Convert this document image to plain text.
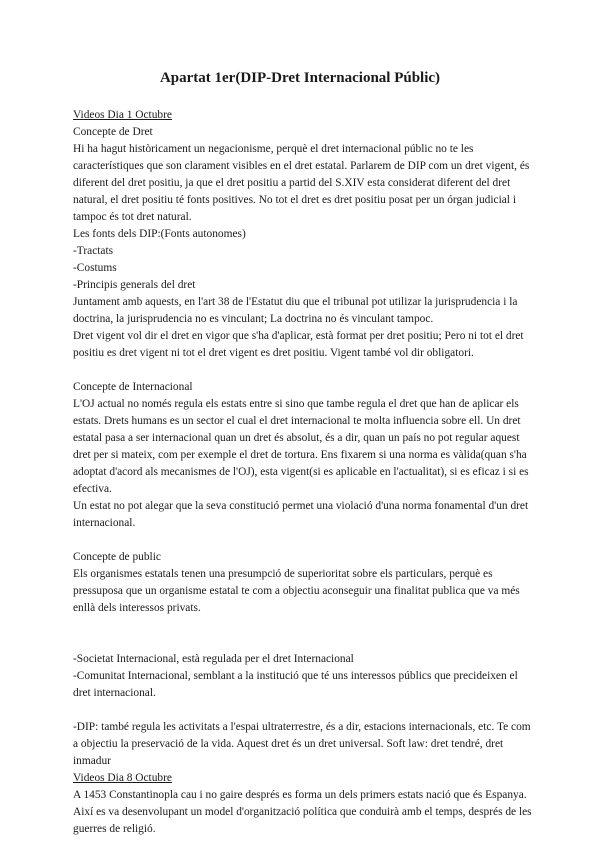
Apartat 1er(DIP-Dret Internacional Públic)

Videos Dia 1 Octubre

Concepte de Dret

Hi ha hagut històricament un negacionisme, perquè el dret internacional públic no te les característiques que son clarament visibles en el dret estatal. Parlarem de DIP com un dret vigent, és diferent del dret positiu, ja que el dret positiu a partid del S.XIV esta considerat diferent del dret natural, el dret positiu té fonts positives. No tot el dret es dret positiu posat per un órgan judicial i tampoc és tot dret natural.

Les fonts dels DIP:(Fonts autonomes)

-Tractats

-Costums

-Principis generals del dret

Juntament amb aquests, en l'art 38 de l'Estatut diu que el tribunal pot utilizar la jurisprudencia i la doctrina, la jurisprudencia no es vinculant; La doctrina no és vinculant tampoc.

Dret vigent vol dir el dret en vigor que s'ha d'aplicar, està format per dret positiu; Pero ni tot el dret positiu es dret vigent ni tot el dret vigent es dret positiu. Vigent també vol dir obligatori.

Concepte de Internacional

L'OJ actual no només regula els estats entre si sino que tambe regula el dret que han de aplicar els estats. Drets humans es un sector el cual el dret internacional te molta influencia sobre ell. Un dret estatal pasa a ser internacional quan un dret és absolut, és a dir, quan un país no pot regular aquest dret per si mateix, com per exemple el dret de tortura. Ens fixarem si una norma es vàlida(quan s'ha adoptat d'acord als mecanismes de l'OJ), esta vigent(si es aplicable en l'actualitat), si es eficaz i si es efectiva.

Un estat no pot alegar que la seva constitució permet una violació d'una norma fonamental d'un dret internacional.

Concepte de public

Els organismes estatals tenen una presumpció de superioritat sobre els particulars, perquè es pressuposa que un organisme estatal te com a objectiu aconseguir una finalitat publica que va més enllà dels interessos privats.

-Societat Internacional, està regulada per el dret Internacional

-Comunitat Internacional, semblant a la institució que té uns interessos públics que precideixen el dret internacional.

-DIP: també regula les activitats a l'espai ultraterrestre, és a dir, estacions internacionals, etc. Te com a objectiu la preservació de la vida. Aquest dret és un dret universal. Soft law: dret tendré, dret inmadur

Videos Dia 8 Octubre

A 1453 Constantinopla cau i no gaire després es forma un dels primers estats nació que és Espanya. Així es va desenvolupant un model d'organització política que conduirà amb el temps, després de les guerres de religió.
